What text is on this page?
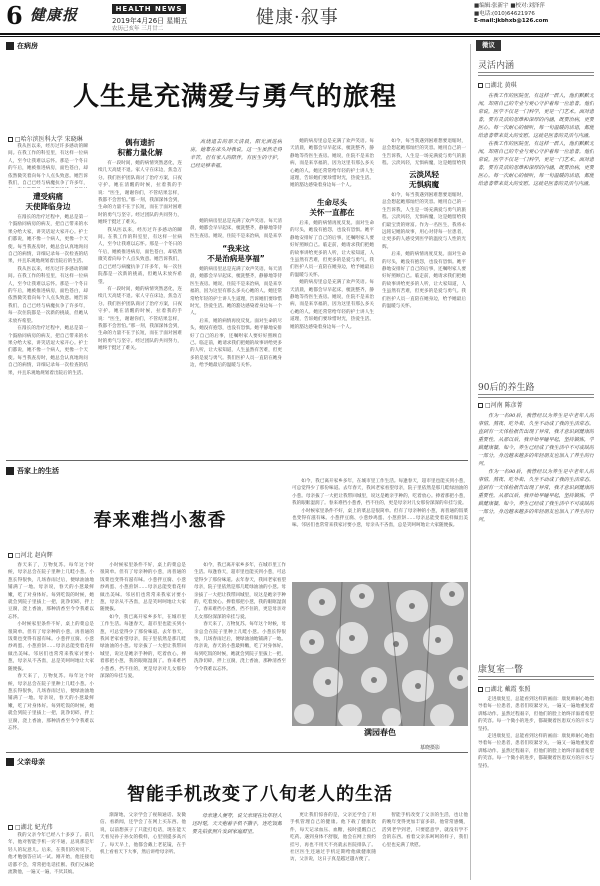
6 健康报	HEALTH NEWS
2019年4月26日 星期五
农历己亥年 三月廿二
健康·叙事
■编辑:张新宇 ■校对:刘泽萍
■电话:(010)64621976
E-mail:jkbhxb@126.com
在病房
人生是充满爱与勇气的旅程
□哈尔滨医科大学 宋晓琳

我从医以来，经历过许多感动的瞬间。在我工作的科室里，有这样一位病人，至今让我难以忘怀。那是一个冬日的午后，她被推进病房，面色苍白，却依然微笑着向每个人点头致意。她告诉我们，自己已经与病魔抗争了许多年，

遭受病痛
天使降临身边

在漫长的治疗过程中，她总是第一个鼓励同病房的病友，把自己带来的水果分给大家，讲笑话逗大家开心。护士们都说，她不像一个病人，更像一个天使。每当我查房时，她总会认真地询问自己的病情，详细记录每一次检查的结果，并且乐观地规划着出院后的生活。

我从医以来，经历过许多感动的瞬间。在我工作的科室里，有这样一位病人，至今让我难以忘怀。那是一个冬日的午后，她被推进病房，面色苍白，却依然微笑着向每个人点头致意。她告诉我们，自己已经与病魔抗争了许多年，每一次住院都是一次新的挑战，但她从未放弃希望。

在漫长的治疗过程中，她总是第一个鼓励同病房的病友，把自己带来的水果分给大家，讲笑话逗大家开心。护士们都说，她不像一个病人，更像一个天使。每当我查房时，她总会认真地询问自己的病情，详细记录每一次检查的结果，并且乐观地规划着出院后的生活。

偶有遗折
积蓄力量化解

有一段时间，她的病情突然恶化，连续几天高烧不退。家人守在床边，焦急万分。我们医护团队商讨了治疗方案，日夜守护。她在清醒的时候，拉着我的手说：“医生，谢谢你们，不管结果怎样，我都不会害怕。”那一刻，我深深体会到，生命的力量不在于长短，而在于面对困难时的勇气与坚守。经过团队的共同努力，她终于挺过了难关。

我从医以来，经历过许多感动的瞬间。在我工作的科室里，有这样一位病人，至今让我难以忘怀。那是一个冬日的午后，她被推进病房，面色苍白，却依然微笑着向每个人点头致意。她告诉我们，自己已经与病魔抗争了许多年，每一次住院都是一次新的挑战，但她从未放弃希望。

有一段时间，她的病情突然恶化，连续几天高烧不退。家人守在床边，焦急万分。我们医护团队商讨了治疗方案，日夜守护。她在清醒的时候，拉着我的手说：“医生，谢谢你们，不管结果怎样，我都不会害怕。”那一刻，我深深体会到，生命的力量不在于长短，而在于面对困难时的勇气与坚守。经过团队的共同努力，她终于挺过了难关。

高烧退去的那天清晨，阳光洒进病房，她靠在床头对我说，这一生虽然走得辛苦，但有家人的陪伴，有医生的守护，已经足够幸福。

她的病房里总是充满了欢声笑语。每天清晨，她都会早早起床，梳洗整齐，静静地等待医生查房。她说，住院不是来治病，而是来享

“我来这
不是治病是享福”

她的病房里总是充满了欢声笑语。每天清晨，她都会早早起床，梳洗整齐，静静地等待医生查房。她说，住院不是来治病，而是来享福的，因为这里有那么多关心她的人。她还常常给年轻的护士讲人生道理，告诉她们要珍惜时光，热爱生活。她的豁达感染着身边每一个人。

后来，她的病情再度反复。面对生命的尽头，她没有抱怨，也没有恐惧。她平静地安排好了自己的后事，还嘱咐家人要好好照顾自己。临走前，她请求我们把她的故事讲给更多的人听，让大家知道，人生虽然有苦难，但更多的是爱与勇气。我们医护人员一直陪在她身边，给予她最后的温暖与关怀。

她的病房里总是充满了欢声笑语。每天清晨，她都会早早起床，梳洗整齐，静静地等待医生查房。她说，住院不是来治病，而是来享福的，因为这里有那么多关心她的人。她还常常给年轻的护士讲人生道理，告诉她们要珍惜时光，热爱生活。她的豁达感染着身边每一个人。

生命尽头
关怀一直都在

后来，她的病情再度反复。面对生命的尽头，她没有抱怨，也没有恐惧。她平静地安排好了自己的后事，还嘱咐家人要好好照顾自己。临走前，她请求我们把她的故事讲给更多的人听，让大家知道，人生虽然有苦难，但更多的是爱与勇气。我们医护人员一直陪在她身边，给予她最后的温暖与关怀。

她的病房里总是充满了欢声笑语。每天清晨，她都会早早起床，梳洗整齐，静静地等待医生查房。她说，住院不是来治病，而是来享福的，因为这里有那么多关心她的人。她还常常给年轻的护士讲人生道理，告诉她们要珍惜时光，热爱生活。她的豁达感染着身边每一个人。

如今，每当我遇到困难想要退缩时，总会想起她那灿烂的笑容。她用自己的一生告诉我，人生是一场充满爱与勇气的旅程。云淡风轻，无惧病魔，这是她留给我

云淡风轻
无惧病魔

如今，每当我遇到困难想要退缩时，总会想起她那灿烂的笑容。她用自己的一生告诉我，人生是一场充满爱与勇气的旅程。云淡风轻，无惧病魔，这是她留给我们最宝贵的财富。作为一名医生，我将永远铭记她的故事，用心对待每一位患者，让更多的人感受到医学的温度与人性的光辉。

后来，她的病情再度反复。面对生命的尽头，她没有抱怨，也没有恐惧。她平静地安排好了自己的后事，还嘱咐家人要好好照顾自己。临走前，她请求我们把她的故事讲给更多的人听，让大家知道，人生虽然有苦难，但更多的是爱与勇气。我们医护人员一直陪在她身边，给予她最后的温暖与关怀。

吾家上的生活
春来难挡小葱香
□河北 赵向辉

春天来了，万物复苏。每年这个时候，母亲总会在院子里种上几畦小葱。小葱长得很快，几场春雨过后，便绿油油地铺满了一地。母亲说，春天的小葱最鲜嫩，吃了对身体好。每到吃饭的时候，她就会到院子里拔上一把，洗净切碎，拌上豆腐，浇上香油，那种清香至今令我难以忘怀。

小时候家里条件不好，桌上的菜总是很简单。但有了母亲种的小葱，再普通的饭菜也变得有滋有味。小葱拌豆腐、小葱炒鸡蛋、小葱煎饼……母亲总能变着花样做出美味。邻居们也常常来我家讨要小葱，母亲从不吝啬，总是笑呵呵地让大家随便拔。

春天来了，万物复苏。每年这个时候，母亲总会在院子里种上几畦小葱。小葱长得很快，几场春雨过后，便绿油油地铺满了一地。母亲说，春天的小葱最鲜嫩，吃了对身体好。每到吃饭的时候，她就会到院子里拔上一把，洗净切碎，拌上豆腐，浇上香油，那种清香至今令我难以忘怀。

小时候家里条件不好，桌上的菜总是很简单。但有了母亲种的小葱，再普通的饭菜也变得有滋有味。小葱拌豆腐、小葱炒鸡蛋、小葱煎饼……母亲总能变着花样做出美味。邻居们也常常来我家讨要小葱，母亲从不吝啬，总是笑呵呵地让大家随便拔。

如今，我已离开家乡多年，在城市里工作生活。每逢春天，超市里也能买到小葱，可总觉得少了那份味道。去年春天，我回老家看望母亲，院子里依然是那几畦绿油油的小葱。母亲拔了一大把让我带回城里，说这是她亲手种的，吃着放心。捧着那把小葱，我的眼眶湿润了。春来难挡小葱香，挡不住的，更是母亲对儿女那份深深的牵挂与爱。

如今，我已离开家乡多年，在城市里工作生活。每逢春天，超市里也能买到小葱，可总觉得少了那份味道。去年春天，我回老家看望母亲，院子里依然是那几畦绿油油的小葱。母亲拔了一大把让我带回城里，说这是她亲手种的，吃着放心。捧着那把小葱，我的眼眶湿润了。春来难挡小葱香，挡不住的，更是母亲对儿女那份深深的牵挂与爱。

春天来了，万物复苏。每年这个时候，母亲总会在院子里种上几畦小葱。小葱长得很快，几场春雨过后，便绿油油地铺满了一地。母亲说，春天的小葱最鲜嫩，吃了对身体好。每到吃饭的时候，她就会到院子里拔上一把，洗净切碎，拌上豆腐，浇上香油，那种清香至今令我难以忘怀。

如今，我已离开家乡多年，在城市里工作生活。每逢春天，超市里也能买到小葱，可总觉得少了那份味道。去年春天，我回老家看望母亲，院子里依然是那几畦绿油油的小葱。母亲拔了一大把让我带回城里，说这是她亲手种的，吃着放心。捧着那把小葱，我的眼眶湿润了。春来难挡小葱香，挡不住的，更是母亲对儿女那份深深的牵挂与爱。

小时候家里条件不好，桌上的菜总是很简单。但有了母亲种的小葱，再普通的饭菜也变得有滋有味。小葱拌豆腐、小葱炒鸡蛋、小葱煎饼……母亲总能变着花样做出美味。邻居们也常常来我家讨要小葱，母亲从不吝啬，总是笑呵呵地让大家随便拔。

满园春色
慕晓摄影
父亲母亲
智能手机改变了八旬老人的生活
□湖北 妃光伟

我的父亲今年已经八十多岁了。前几年，他对智能手机一窍不通，总说那是年轻人的玩意儿。后来，在我们的劝说下，他才勉强答应试一试。刚开始，他连接电话都不会，常常把电话挂断。我们兄妹轮流教他，一遍又一遍，不厌其烦。

渐渐地，父亲学会了视频通话、发微信、看新闻，还学会了在网上买东西。他说，以前想孩子了只能打电话，现在能天天看见孙子孙女的模样，心里别提多高兴了。每天早上，他都会戴上老花镜，在手机上看看天下大事，然后讲给母亲听。

母亲逢人便夸，说父亲现在比年轻人还时髦，天天抱着手机不撒手，连吃饭都要先拍张照片发到家庭群里。

更让我们惊喜的是，父亲还学会了用手机管理自己的健康。他下载了健康软件，每天记录血压、血糖，按时提醒自己吃药。遇到身体不舒服，他会在网上预约挂号，再也不用天不亮就去医院排队了。社区医生还通过手机定期给他做健康随访，父亲说，这日子真是越过越方便了。

智能手机改变了父亲的生活，也让他的晚年变得更加丰富多彩。他常常感慨，活到老学到老，只要愿意学，就没有学不会的东西。看着父亲乐呵呵的样子，我们心里也充满了欣慰。

微议
灵活内涵
□湖北 黄琪

在我工作的医院里，有这样一群人，他们默默无闻，却用自己的专业与爱心守护着每一位患者。他们常说，医学不仅是一门科学，更是一门艺术。面对患者，要有灵活的思维和深厚的内涵，既要治病，更要医心。每一次耐心的倾听，每一句温暖的话语，都能给患者带来莫大的安慰。这就是医者的灵活与内涵。

在我工作的医院里，有这样一群人，他们默默无闻，却用自己的专业与爱心守护着每一位患者。他们常说，医学不仅是一门科学，更是一门艺术。面对患者，要有灵活的思维和深厚的内涵，既要治病，更要医心。每一次耐心的倾听，每一句温暖的话语，都能给患者带来莫大的安慰。这就是医者的灵活与内涵。

90后的养生路
□河南 陈彦菁

作为一名90后，我曾经以为养生是中老年人的事情。熬夜、吃外卖、久坐不动成了我的生活常态。直到有一天体检报告出现了异常，我才意识到健康的重要性。从那以后，我开始早睡早起，坚持锻炼，学做健康餐。如今，养生已经成了我生活中不可或缺的一部分，身边越来越多的年轻朋友也加入了养生的行列。

作为一名90后，我曾经以为养生是中老年人的事情。熬夜、吃外卖、久坐不动成了我的生活常态。直到有一天体检报告出现了异常，我才意识到健康的重要性。从那以后，我开始早睡早起，坚持锻炼，学做健康餐。如今，养生已经成了我生活中不可或缺的一部分，身边越来越多的年轻朋友也加入了养生的行列。

康复室一瞥
□湖北 戴霞 张照

走进康复室，总能看到这样的画面：康复师耐心地指导着每一位患者，患者们咬紧牙关，一遍又一遍地重复着训练动作。虽然过程艰辛，但他们的脸上始终洋溢着希望的笑容。每一个微小的进步，都凝聚着医患双方的汗水与坚持。

走进康复室，总能看到这样的画面：康复师耐心地指导着每一位患者，患者们咬紧牙关，一遍又一遍地重复着训练动作。虽然过程艰辛，但他们的脸上始终洋溢着希望的笑容。每一个微小的进步，都凝聚着医患双方的汗水与坚持。
